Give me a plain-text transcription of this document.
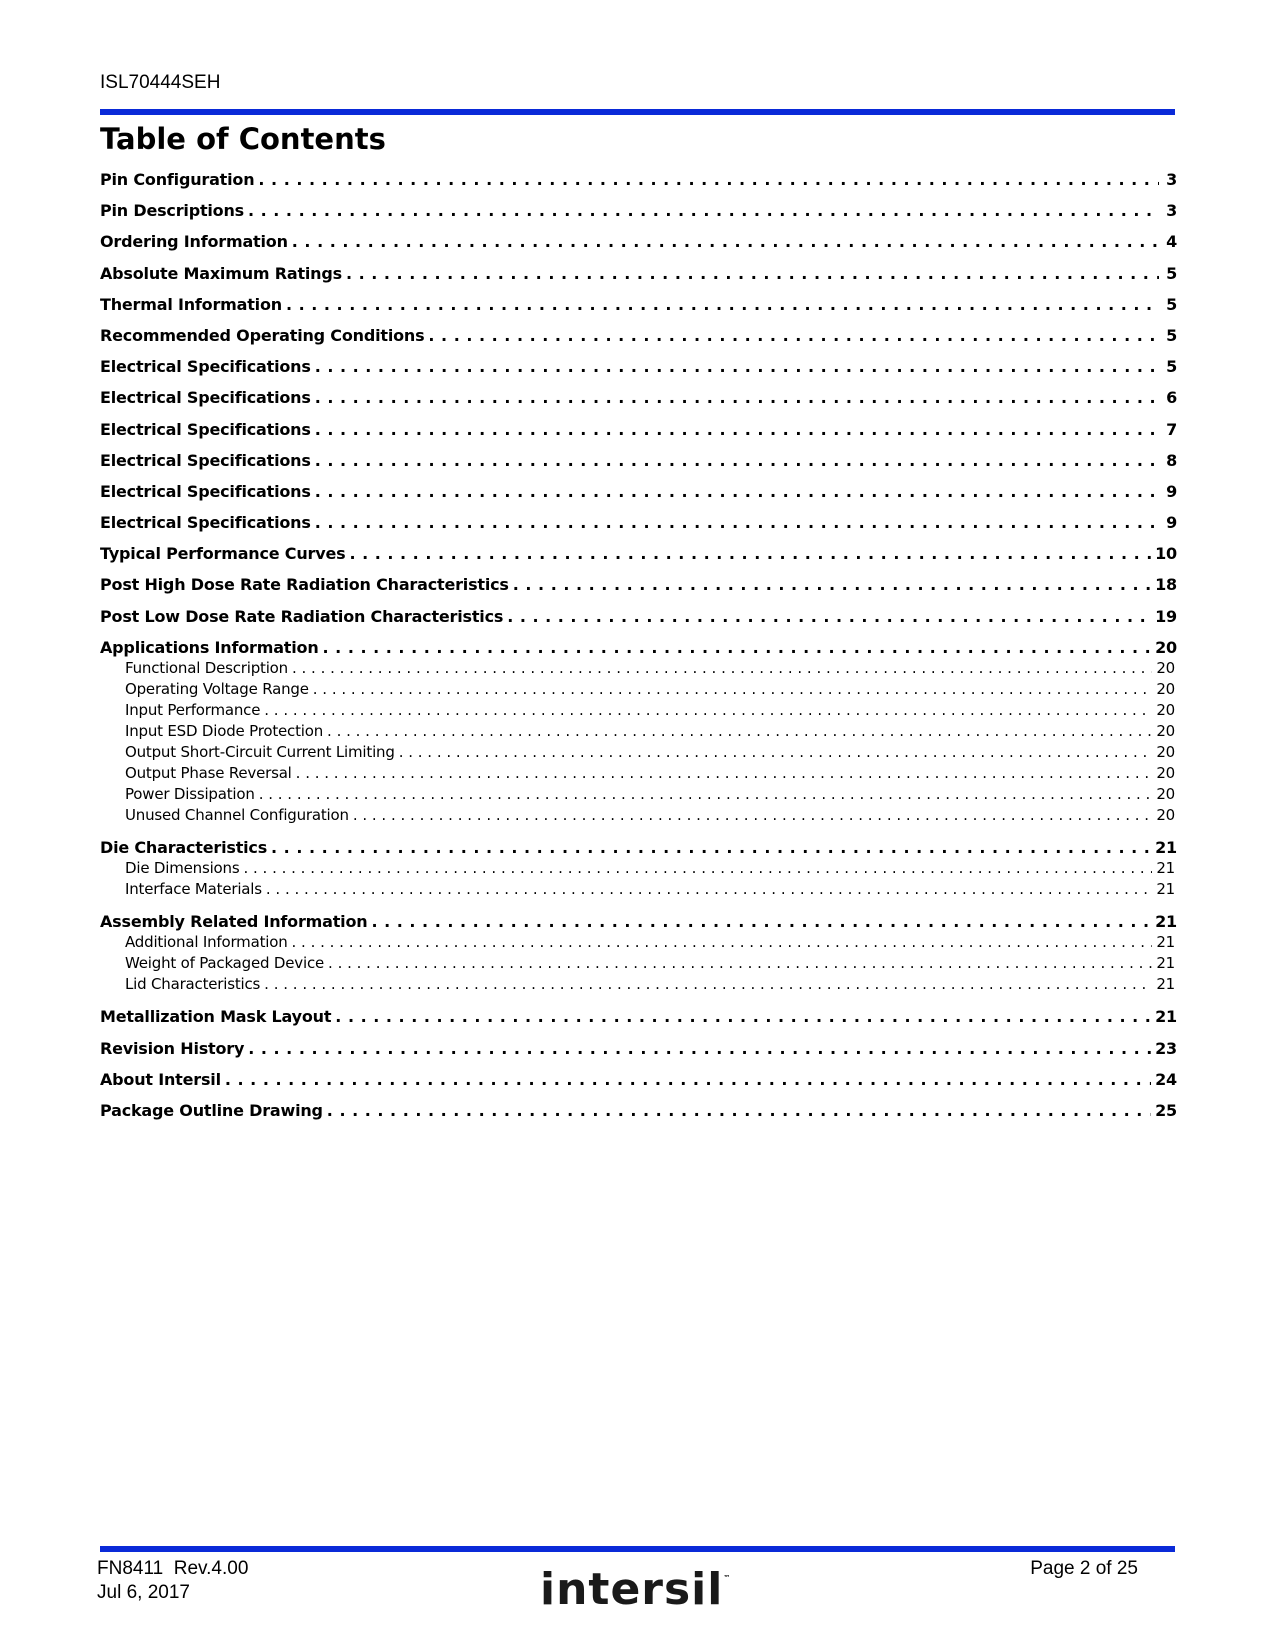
ISL70444SEH
Table of Contents
Pin Configuration . . .	3
Pin Descriptions . . .	3
Ordering Information . . .	4
Absolute Maximum Ratings . . .	5
Thermal Information . . .	5
Recommended Operating Conditions . . .	5
Electrical Specifications . . .	5
Electrical Specifications . . .	6
Electrical Specifications . . .	7
Electrical Specifications . . .	8
Electrical Specifications . . .	9
Electrical Specifications . . .	9
Typical Performance Curves . . .	10
Post High Dose Rate Radiation Characteristics . . .	18
Post Low Dose Rate Radiation Characteristics . . .	19
Applications Information . . .	20
Functional Description . . .	20
Operating Voltage Range . . .	20
Input Performance . . .	20
Input ESD Diode Protection . . .	20
Output Short-Circuit Current Limiting . . .	20
Output Phase Reversal . . .	20
Power Dissipation . . .	20
Unused Channel Configuration . . .	20
Die Characteristics . . .	21
Die Dimensions . . .	21
Interface Materials . . .	21
Assembly Related Information . . .	21
Additional Information . . .	21
Weight of Packaged Device . . .	21
Lid Characteristics . . .	21
Metallization Mask Layout . . .	21
Revision History . . .	23
About Intersil . . .	24
Package Outline Drawing . . .	25
FN8411 Rev.4.00
Jul 6, 2017	intersil™	Page 2 of 25
